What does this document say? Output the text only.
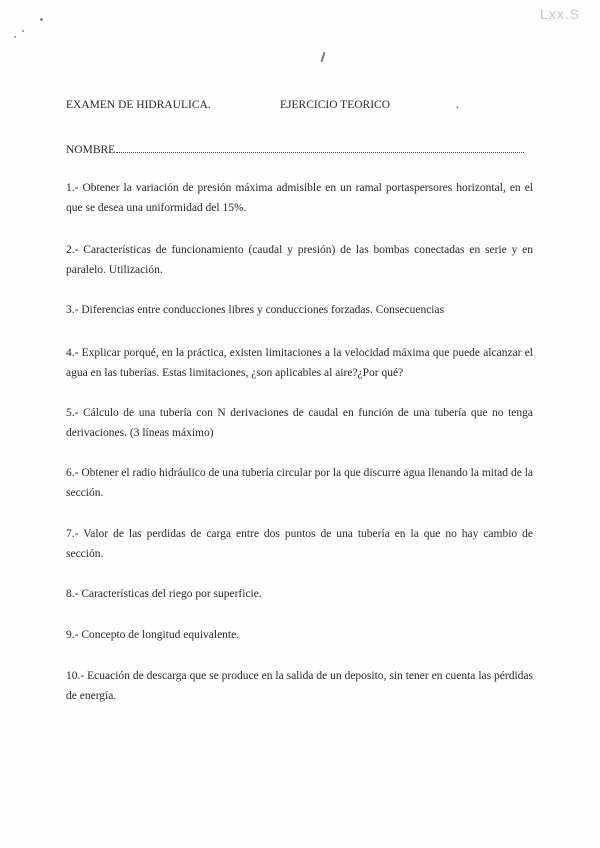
Lxx.S
EXAMEN DE HIDRAULICA.	EJERCICIO TEORICO	.
NOMBRE
1.- Obtener la variación de presión máxima admisible en un ramal portaspersores horizontal, en el que se desea una uniformidad del 15%.
2.- Características de funcionamiento (caudal y presión) de las bombas conectadas en serie y en paralelo. Utilización.
3.- Diferencias entre conducciones libres y conducciones forzadas. Consecuencias
4.- Explicar porqué, en la práctica, existen limitaciones a la velocidad máxima que puede alcanzar el agua en las tuberías. Estas limitaciones, ¿son aplicables al aire?¿Por qué?
5.- Cálculo de una tubería con N derivaciones de caudal en función de una tubería que no tenga derivaciones. (3 líneas máximo)
6.- Obtener el radio hidráulico de una tubería circular por la que discurre agua llenando la mitad de la sección.
7.- Valor de las perdidas de carga entre dos puntos de una tubería en la que no hay cambio de sección.
8.- Características del riego por superficie.
9.- Concepto de longitud equivalente.
10.- Ecuación de descarga que se produce en la salida de un deposito, sin tener en cuenta las pérdidas de energía.
